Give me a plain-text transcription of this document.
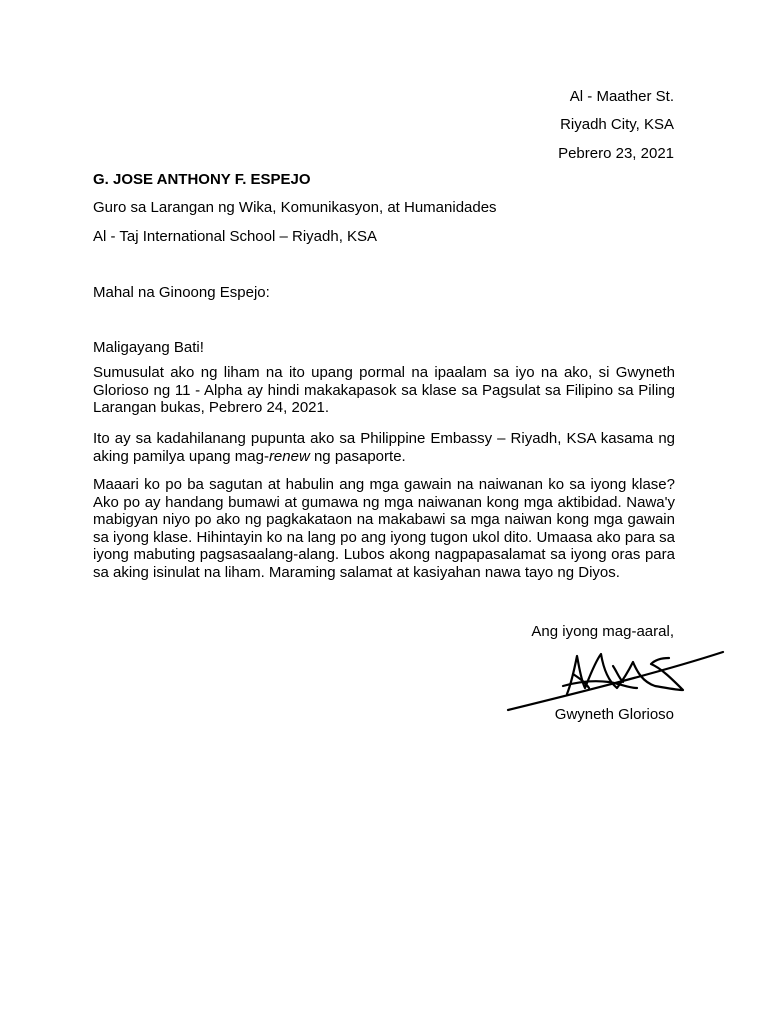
Al - Maather St.
Riyadh City, KSA
Pebrero 23, 2021
G. JOSE ANTHONY F. ESPEJO
Guro sa Larangan ng Wika, Komunikasyon, at Humanidades
Al - Taj International School – Riyadh, KSA
Mahal na Ginoong Espejo:
Maligayang Bati!

Sumusulat ako ng liham na ito upang pormal na ipaalam sa iyo na ako, si Gwyneth Glorioso ng 11 - Alpha ay hindi makakapasok sa klase sa Pagsulat sa Filipino sa Piling Larangan bukas, Pebrero 24, 2021.

Ito ay sa kadahilanang pupunta ako sa Philippine Embassy – Riyadh, KSA kasama ng aking pamilya upang mag-renew ng pasaporte.

Maaari ko po ba sagutan at habulin ang mga gawain na naiwanan ko sa iyong klase? Ako po ay handang bumawi at gumawa ng mga naiwanan kong mga aktibidad. Nawa'y mabigyan niyo po ako ng pagkakataon na makabawi sa mga naiwan kong mga gawain sa iyong klase. Hihintayin ko na lang po ang iyong tugon ukol dito. Umaasa ako para sa iyong mabuting pagsasaalang-alang. Lubos akong nagpapasalamat sa iyong oras para sa aking isinulat na liham. Maraming salamat at kasiyahan nawa tayo ng Diyos.

Ang iyong mag-aaral,
Gwyneth Glorioso
